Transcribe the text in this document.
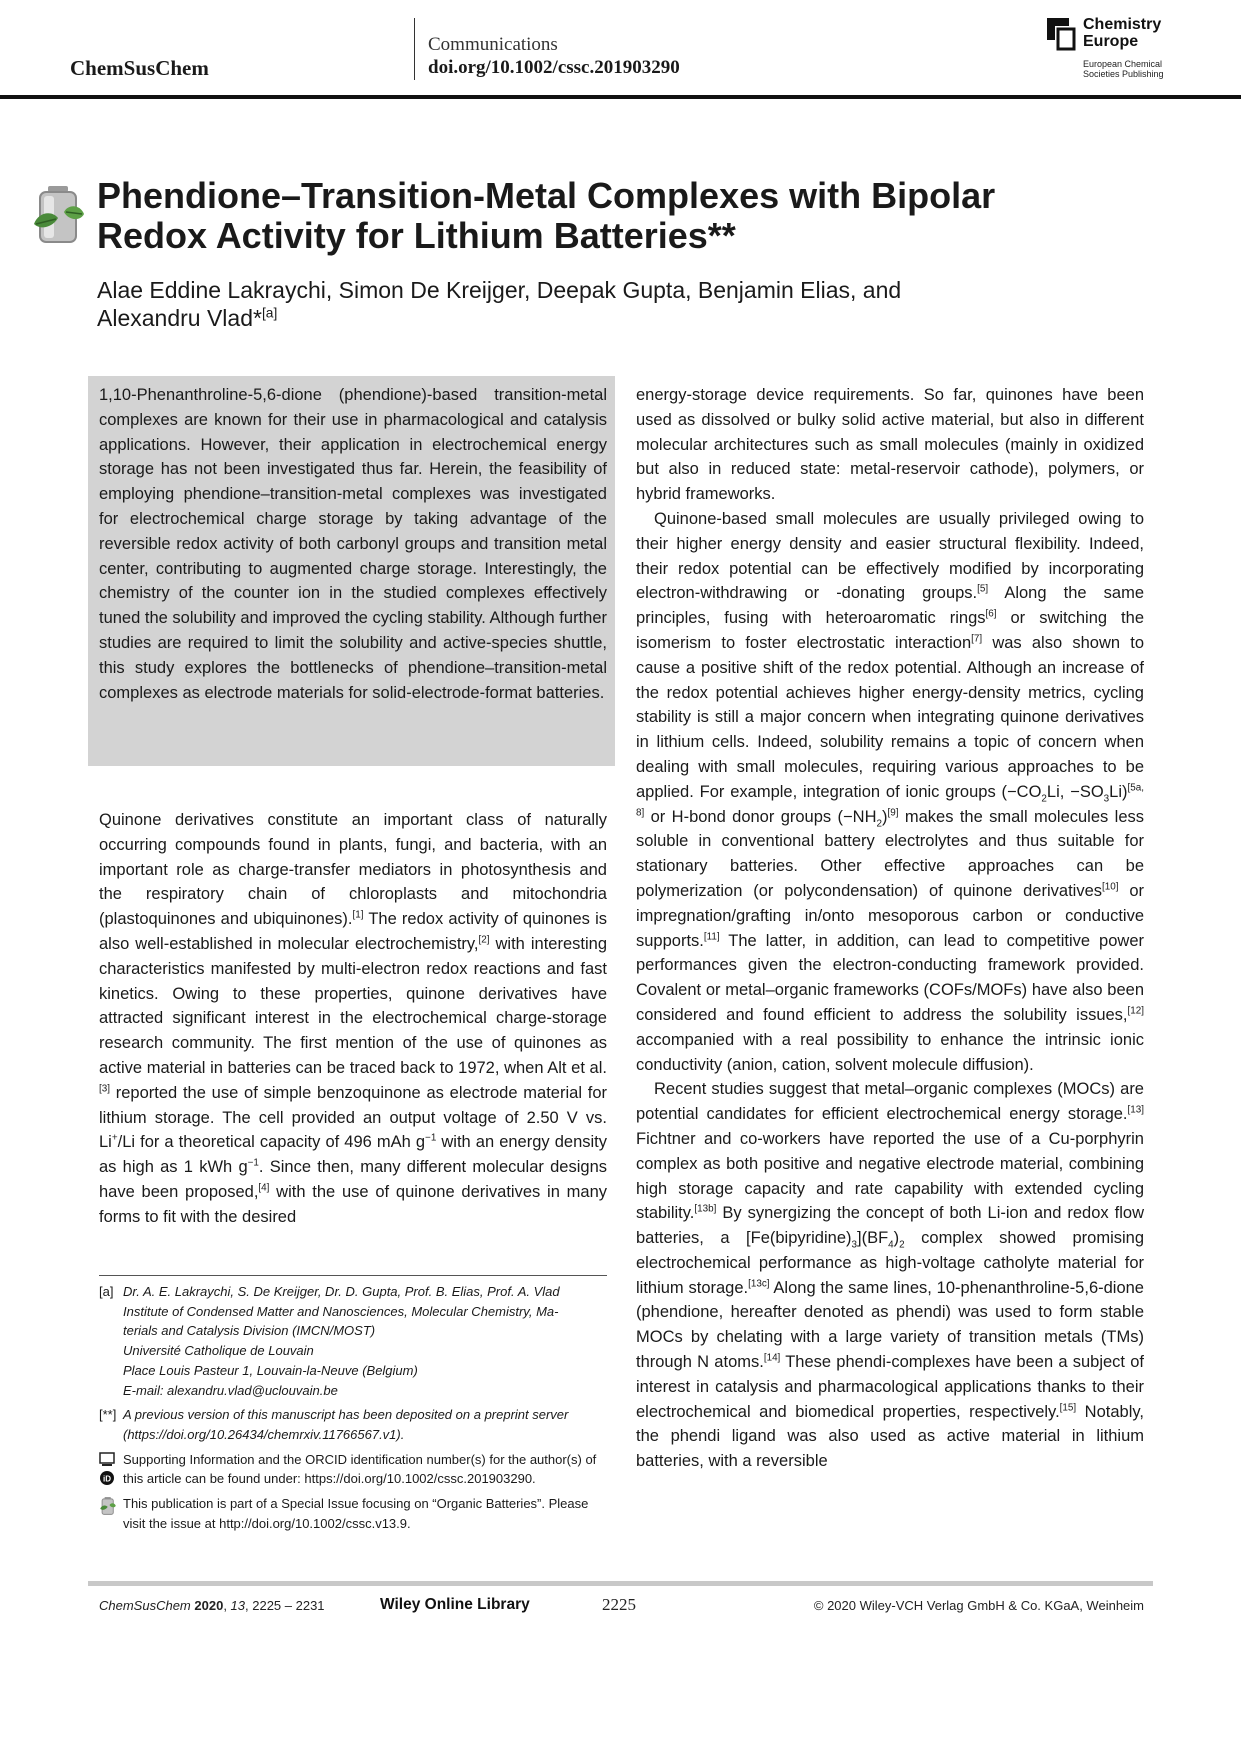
ChemSusChem
Communications
doi.org/10.1002/cssc.201903290
Chemistry
Europe
European Chemical
Societies Publishing
Phendione–Transition-Metal Complexes with Bipolar
Redox Activity for Lithium Batteries**
Alae Eddine Lakraychi, Simon De Kreijger, Deepak Gupta, Benjamin Elias, and
Alexandru Vlad*[a]
1,10-Phenanthroline-5,6-dione (phendione)-based transition-metal complexes are known for their use in pharmacological and catalysis applications. However, their application in electrochemical energy storage has not been investigated thus far. Herein, the feasibility of employing phendione–transition-metal complexes was investigated for electrochemical charge storage by taking advantage of the reversible redox activity of both carbonyl groups and transition metal center, contributing to augmented charge storage. Interestingly, the chemistry of the counter ion in the studied complexes effectively tuned the solubility and improved the cycling stability. Although further studies are required to limit the solubility and active-species shuttle, this study explores the bottlenecks of phendione–transition-metal complexes as electrode materials for solid-electrode-format batteries.

Quinone derivatives constitute an important class of naturally occurring compounds found in plants, fungi, and bacteria, with an important role as charge-transfer mediators in photosynthesis and the respiratory chain of chloroplasts and mitochondria (plastoquinones and ubiquinones).[1] The redox activity of quinones is also well-established in molecular electrochemistry,[2] with interesting characteristics manifested by multi-electron redox reactions and fast kinetics. Owing to these properties, quinone derivatives have attracted significant interest in the electrochemical charge-storage research community. The first mention of the use of quinones as active material in batteries can be traced back to 1972, when Alt et al.[3] reported the use of simple benzoquinone as electrode material for lithium storage. The cell provided an output voltage of 2.50 V vs. Li+/Li for a theoretical capacity of 496 mAh $g^{-1}$ with an energy density as high as 1 kWh $g^{-1}$. Since then, many different molecular designs have been proposed,[4] with the use of quinone derivatives in many forms to fit with the desired

[a] Dr. A. E. Lakraychi, S. De Kreijger, Dr. D. Gupta, Prof. B. Elias, Prof. A. Vlad
Institute of Condensed Matter and Nanosciences, Molecular Chemistry, Ma-
terials and Catalysis Division (IMCN/MOST)
Université Catholique de Louvain
Place Louis Pasteur 1, Louvain-la-Neuve (Belgium)
E-mail: alexandru.vlad@uclouvain.be
[**] A previous version of this manuscript has been deposited on a preprint server (https://doi.org/10.26434/chemrxiv.11766567.v1).
iD
Supporting Information and the ORCID identification number(s) for the author(s) of this article can be found under: https://doi.org/10.1002/cssc.201903290.
This publication is part of a Special Issue focusing on “Organic Batteries”. Please visit the issue at http://doi.org/10.1002/cssc.v13.9.

energy-storage device requirements. So far, quinones have been used as dissolved or bulky solid active material, but also in different molecular architectures such as small molecules (mainly in oxidized but also in reduced state: metal-reservoir cathode), polymers, or hybrid frameworks.

Quinone-based small molecules are usually privileged owing to their higher energy density and easier structural flexibility. Indeed, their redox potential can be effectively modified by incorporating electron-withdrawing or -donating groups.[5] Along the same principles, fusing with heteroaromatic rings[6] or switching the isomerism to foster electrostatic interaction[7] was also shown to cause a positive shift of the redox potential. Although an increase of the redox potential achieves higher energy-density metrics, cycling stability is still a major concern when integrating quinone derivatives in lithium cells. Indeed, solubility remains a topic of concern when dealing with small molecules, requiring various approaches to be applied. For example, integration of ionic groups ($-CO_2Li$, $-SO_3Li)[5a, 8]$ or H-bond donor groups $(-NH_2)[9]$ makes the small molecules less soluble in conventional battery electrolytes and thus suitable for stationary batteries. Other effective approaches can be polymerization (or polycondensation) of quinone derivatives[10] or impregnation/grafting in/onto mesoporous carbon or conductive supports.[11] The latter, in addition, can lead to competitive power performances given the electron-conducting framework provided. Covalent or metal–organic frameworks (COFs/MOFs) have also been considered and found efficient to address the solubility issues,[12] accompanied with a real possibility to enhance the intrinsic ionic conductivity (anion, cation, solvent molecule diffusion).

Recent studies suggest that metal–organic complexes (MOCs) are potential candidates for efficient electrochemical energy storage.[13] Fichtner and co-workers have reported the use of a Cu-porphyrin complex as both positive and negative electrode material, combining high storage capacity and rate capability with extended cycling stability.[13b] By synergizing the concept of both Li-ion and redox flow batteries, a $[Fe(bipyridine)_3](BF_4)_2$ complex showed promising electrochemical performance as high-voltage catholyte material for lithium storage.[13c] Along the same lines, 10-phenanthroline-5,6-dione (phendione, hereafter denoted as phendi) was used to form stable MOCs by chelating with a large variety of transition metals (TMs) through N atoms.[14] These phendi-complexes have been a subject of interest in catalysis and pharmacological applications thanks to their electrochemical and biomedical properties, respectively.[15] Notably, the phendi ligand was also used as active material in lithium batteries, with a reversible

ChemSusChem 2020, 13, 2225 – 2231	Wiley Online Library	2225	© 2020 Wiley-VCH Verlag GmbH & Co. KGaA, Weinheim
